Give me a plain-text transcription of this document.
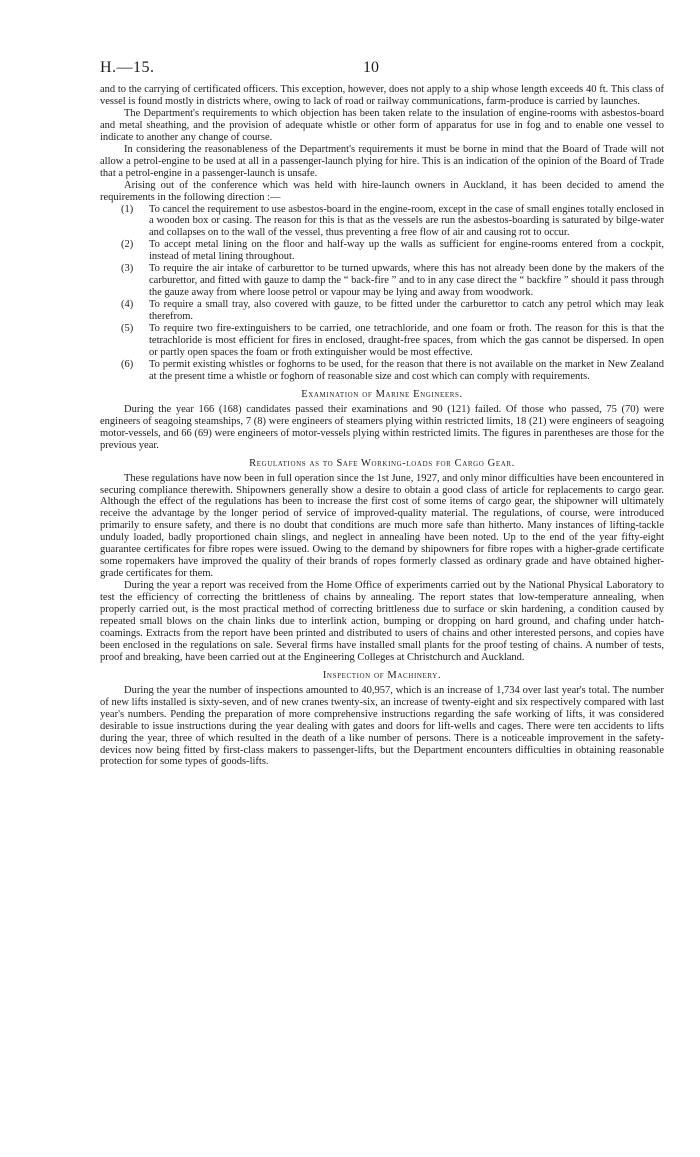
H.—15.	10

and to the carrying of certificated officers. This exception, however, does not apply to a ship whose length exceeds 40 ft. This class of vessel is found mostly in districts where, owing to lack of road or railway communications, farm-produce is carried by launches.

The Department's requirements to which objection has been taken relate to the insulation of engine-rooms with asbestos-board and metal sheathing, and the provision of adequate whistle or other form of apparatus for use in fog and to enable one vessel to indicate to another any change of course.

In considering the reasonableness of the Department's requirements it must be borne in mind that the Board of Trade will not allow a petrol-engine to be used at all in a passenger-launch plying for hire. This is an indication of the opinion of the Board of Trade that a petrol-engine in a passenger-launch is unsafe.

Arising out of the conference which was held with hire-launch owners in Auckland, it has been decided to amend the requirements in the following direction :—

(1) To cancel the requirement to use asbestos-board in the engine-room, except in the case of small engines totally enclosed in a wooden box or casing. The reason for this is that as the vessels are run the asbestos-boarding is saturated by bilge-water and collapses on to the wall of the vessel, thus preventing a free flow of air and causing rot to occur.
(2) To accept metal lining on the floor and half-way up the walls as sufficient for engine-rooms entered from a cockpit, instead of metal lining throughout.
(3) To require the air intake of carburettor to be turned upwards, where this has not already been done by the makers of the carburettor, and fitted with gauze to damp the “ back-fire ” and to in any case direct the “ backfire ” should it pass through the gauze away from where loose petrol or vapour may be lying and away from woodwork.
(4) To require a small tray, also covered with gauze, to be fitted under the carburettor to catch any petrol which may leak therefrom.
(5) To require two fire-extinguishers to be carried, one tetrachloride, and one foam or froth. The reason for this is that the tetrachloride is most efficient for fires in enclosed, draught-free spaces, from which the gas cannot be dispersed. In open or partly open spaces the foam or froth extinguisher would be most effective.
(6) To permit existing whistles or foghorns to be used, for the reason that there is not available on the market in New Zealand at the present time a whistle or foghorn of reasonable size and cost which can comply with requirements.
Examination of Marine Engineers.

During the year 166 (168) candidates passed their examinations and 90 (121) failed. Of those who passed, 75 (70) were engineers of seagoing steamships, 7 (8) were engineers of steamers plying within restricted limits, 18 (21) were engineers of seagoing motor-vessels, and 66 (69) were engineers of motor-vessels plying within restricted limits. The figures in parentheses are those for the previous year.

Regulations as to Safe Working-loads for Cargo Gear.

These regulations have now been in full operation since the 1st June, 1927, and only minor difficulties have been encountered in securing compliance therewith. Shipowners generally show a desire to obtain a good class of article for replacements to cargo gear. Although the effect of the regulations has been to increase the first cost of some items of cargo gear, the shipowner will ultimately receive the advantage by the longer period of service of improved-quality material. The regulations, of course, were introduced primarily to ensure safety, and there is no doubt that conditions are much more safe than hitherto. Many instances of lifting-tackle unduly loaded, badly proportioned chain slings, and neglect in annealing have been noted. Up to the end of the year fifty-eight guarantee certificates for fibre ropes were issued. Owing to the demand by shipowners for fibre ropes with a higher-grade certificate some ropemakers have improved the quality of their brands of ropes formerly classed as ordinary grade and have obtained higher-grade certificates for them.

During the year a report was received from the Home Office of experiments carried out by the National Physical Laboratory to test the efficiency of correcting the brittleness of chains by annealing. The report states that low-temperature annealing, when properly carried out, is the most practical method of correcting brittleness due to surface or skin hardening, a condition caused by repeated small blows on the chain links due to interlink action, bumping or dropping on hard ground, and chafing under hatch-coamings. Extracts from the report have been printed and distributed to users of chains and other interested persons, and copies have been enclosed in the regulations on sale. Several firms have installed small plants for the proof testing of chains. A number of tests, proof and breaking, have been carried out at the Engineering Colleges at Christchurch and Auckland.

Inspection of Machinery.

During the year the number of inspections amounted to 40,957, which is an increase of 1,734 over last year's total. The number of new lifts installed is sixty-seven, and of new cranes twenty-six, an increase of twenty-eight and six respectively compared with last year's numbers. Pending the preparation of more comprehensive instructions regarding the safe working of lifts, it was considered desirable to issue instructions during the year dealing with gates and doors for lift-wells and cages. There were ten accidents to lifts during the year, three of which resulted in the death of a like number of persons. There is a noticeable improvement in the safety-devices now being fitted by first-class makers to passenger-lifts, but the Department encounters difficulties in obtaining reasonable protection for some types of goods-lifts.
